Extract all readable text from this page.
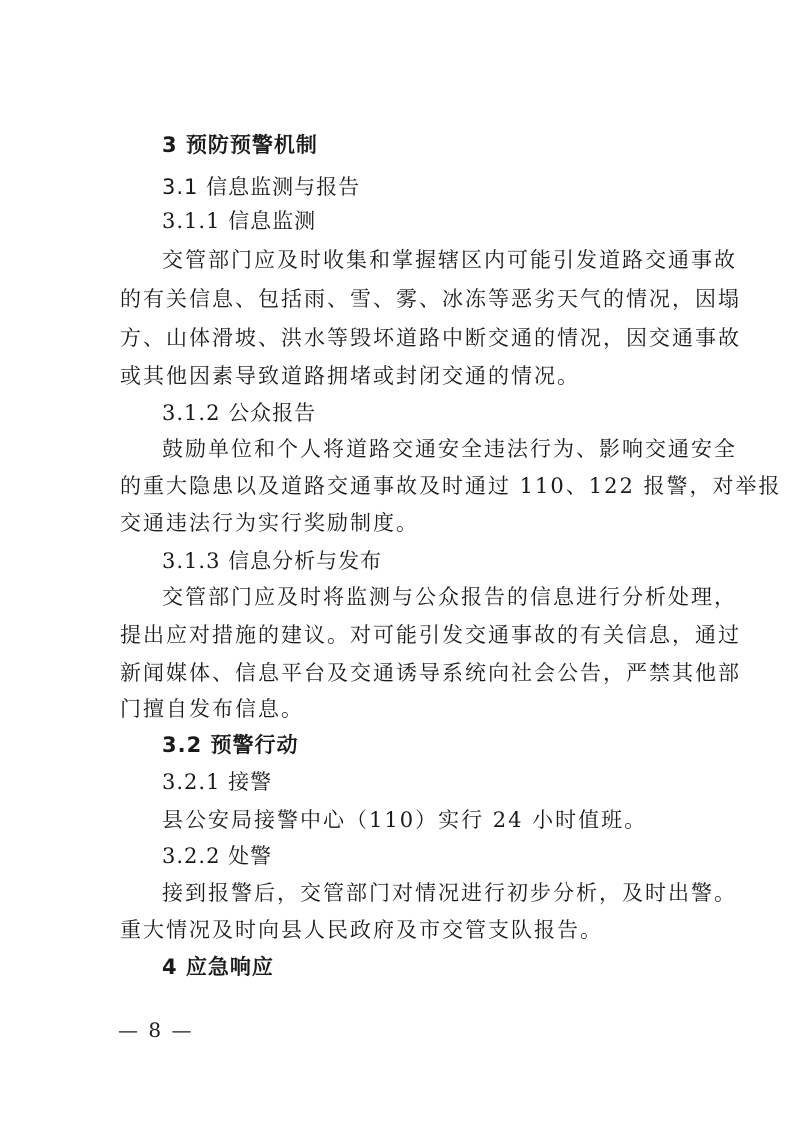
3 预防预警机制
3.1 信息监测与报告
3.1.1 信息监测
交管部门应及时收集和掌握辖区内可能引发道路交通事故
的有关信息、包括雨、雪、雾、冰冻等恶劣天气的情况，因塌
方、山体滑坡、洪水等毁坏道路中断交通的情况，因交通事故
或其他因素导致道路拥堵或封闭交通的情况。
3.1.2 公众报告
鼓励单位和个人将道路交通安全违法行为、影响交通安全
的重大隐患以及道路交通事故及时通过 110、122 报警，对举报
交通违法行为实行奖励制度。
3.1.3 信息分析与发布
交管部门应及时将监测与公众报告的信息进行分析处理，
提出应对措施的建议。对可能引发交通事故的有关信息，通过
新闻媒体、信息平台及交通诱导系统向社会公告，严禁其他部
门擅自发布信息。
3.2 预警行动
3.2.1 接警
县公安局接警中心（110）实行 24 小时值班。
3.2.2 处警
接到报警后，交管部门对情况进行初步分析，及时出警。
重大情况及时向县人民政府及市交管支队报告。
4 应急响应
— 8 —
